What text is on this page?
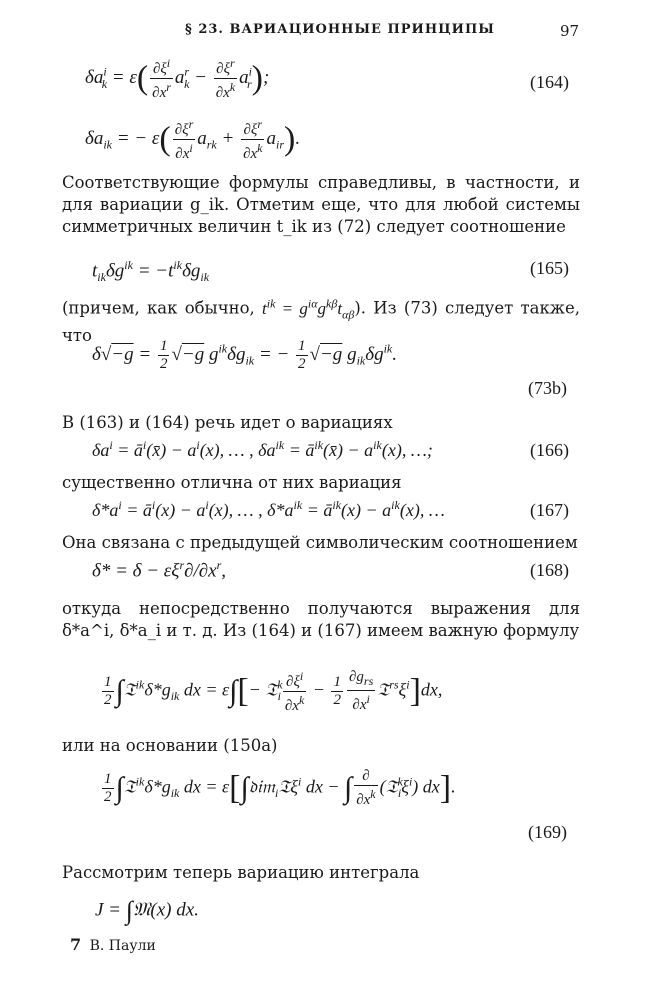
§ 23. ВАРИАЦИОННЫЕ ПРИНЦИПЫ	97
$\delta a^i_k = \varepsilon( \frac{\partial\xi^i}{\partial x^r} a^r_k - \frac{\partial\xi^r}{\partial x^k} a^i_r)$;	(164)
$\delta a_{ik}$ = − $\varepsilon( \frac{\partial\xi^r}{\partial x^i} a_{rk} + \frac{\partial\xi^r}{\partial x^k} a_{ir})$.
Соответствующие формулы справедливы, в частности, и для вариации g_ik. Отметим еще, что для любой системы симметричных величин t_ik из (72) следует соотношение
$t_{ik}\delta g^{ik} = -t^{ik}\delta g_{ik}$	(165)
(причем, как обычно, $t^{ik} = g^{i\alpha}g^{k\beta}t_{\alpha\beta}$). Из (73) следует также, что
$\delta√-g = \frac{1}{2} √-g$ $g^{ik}\delta g_{ik}$ = − $\frac{1}{2} √-g$ $g_{ik}\delta g^{ik}$.
(73b)
В (163) и (164) речь идет о вариациях
$\delta a^i$ = $ā^i(x̄) - a^i(x)$, … , $\delta a^{ik}$ = $ā^{ik}(x̄) - a^{ik}(x)$, …;	(166)
существенно отлична от них вариация
$\delta*a^i$ = $ā^i(x) - a^i(x)$, … , $\delta*a^{ik}$ = $ā^{ik}(x) - a^{ik}(x)$, …	(167)
Она связана с предыдущей символическим соотношением
$\delta* = \delta - \varepsilon\xi^r\partial/\partial x^r$,	(168)
откуда непосредственно получаются выражения для δ*a^i, δ*a_i и т. д. Из (164) и (167) имеем важную формулу
$\frac{1}{2}$ $\int 𝔗^{ik}\delta*g_{ik}$ dx = ε∫[− 𝔗$^k_i$ $\frac{\partial\xi^i}{\partial x^k} - \frac{1}{2} \frac{\partial g_{rs}}{\partial x^i}$ $𝔗^{rs}\xi^i]dx$,
или на основании (150a)
$\frac{1}{2}$ $\int 𝔗^{ik}\delta*g_{ik}$ dx = ε[∫𝔡𝔦𝔪$_i$𝔗ξ$^i$ dx − ∫ $\frac{\partial}{\partial x^k}$ $(𝔗^k_i\xi^i)$ dx].
(169)
Рассмотрим теперь вариацию интеграла
J = ∫𝔐(x) dx.
7 В. Паули
